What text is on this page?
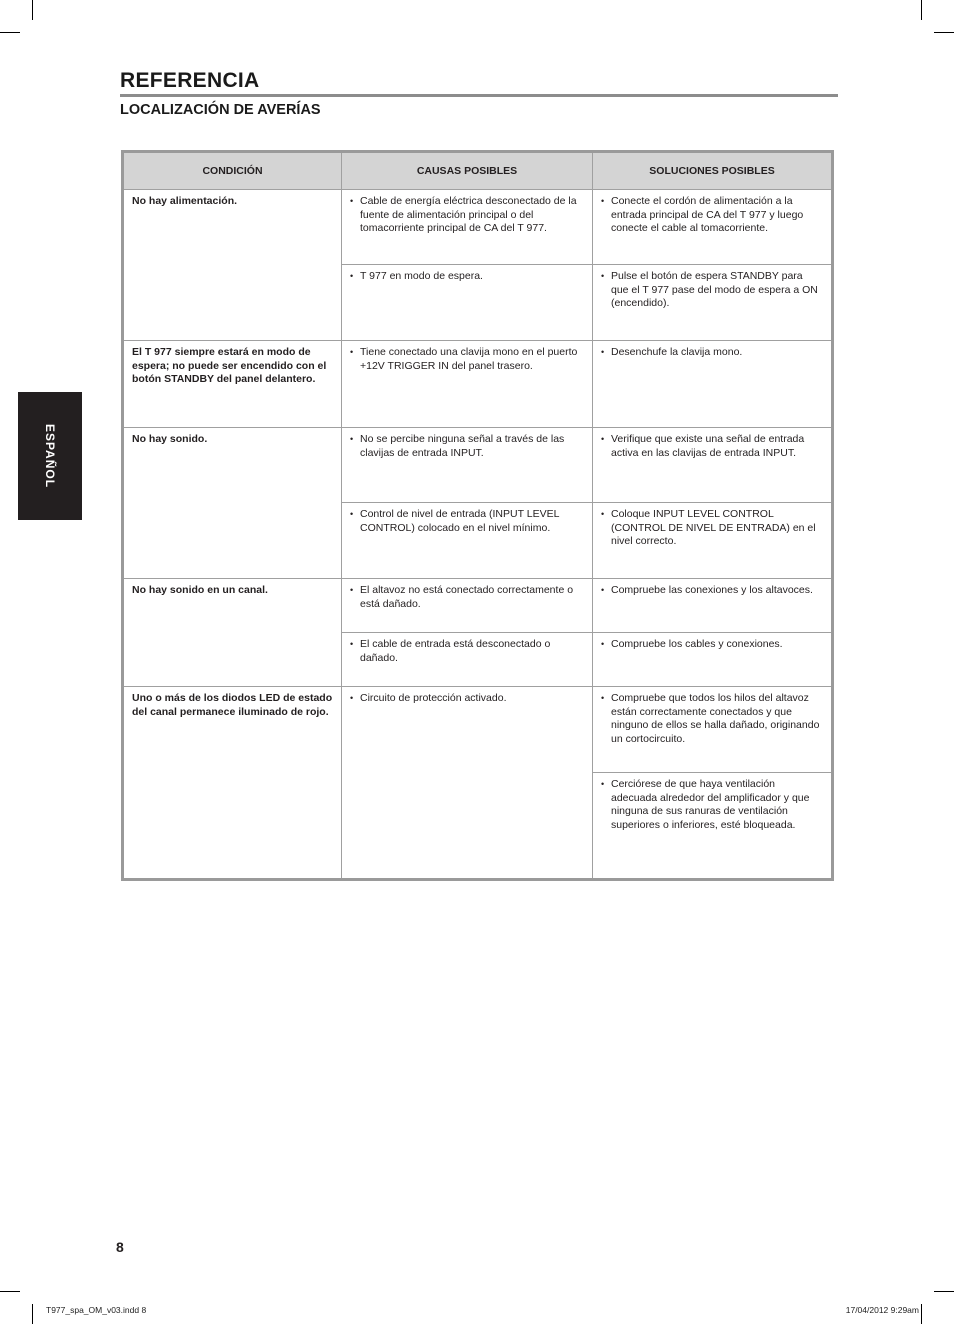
REFERENCIA
LOCALIZACIÓN DE AVERÍAS
ESPAÑOL
CONDICIÓN	CAUSAS POSIBLES	SOLUCIONES POSIBLES
No hay alimentación.	• Cable de energía eléctrica desconectado de la fuente de alimentación principal o del tomacorriente principal de CA del T 977.	• Conecte el cordón de alimentación a la entrada principal de CA del T 977 y luego conecte el cable al tomacorriente.
	• T 977 en modo de espera.	• Pulse el botón de espera STANDBY para que el T 977 pase del modo de espera a ON (encendido).
El T 977 siempre estará en modo de espera; no puede ser encendido con el botón STANDBY del panel delantero.	• Tiene conectado una clavija mono en el puerto +12V TRIGGER IN del panel trasero.	• Desenchufe la clavija mono.
No hay sonido.	• No se percibe ninguna señal a través de las clavijas de entrada INPUT.	• Verifique que existe una señal de entrada activa en las clavijas de entrada INPUT.
	• Control de nivel de entrada (INPUT LEVEL CONTROL) colocado en el nivel mínimo.	• Coloque INPUT LEVEL CONTROL (CONTROL DE NIVEL DE ENTRADA) en el nivel correcto.
No hay sonido en un canal.	• El altavoz no está conectado correctamente o está dañado.	• Compruebe las conexiones y los altavoces.
	• El cable de entrada está desconectado o dañado.	• Compruebe los cables y conexiones.
Uno o más de los diodos LED de estado del canal permanece iluminado de rojo.	• Circuito de protección activado.	• Compruebe que todos los hilos del altavoz están correctamente conectados y que ninguno de ellos se halla dañado, originando un cortocircuito.
		• Cerciórese de que haya ventilación adecuada alrededor del amplificador y que ninguna de sus ranuras de ventilación superiores o inferiores, esté bloqueada.
8
T977_spa_OM_v03.indd 8	17/04/2012 9:29am
